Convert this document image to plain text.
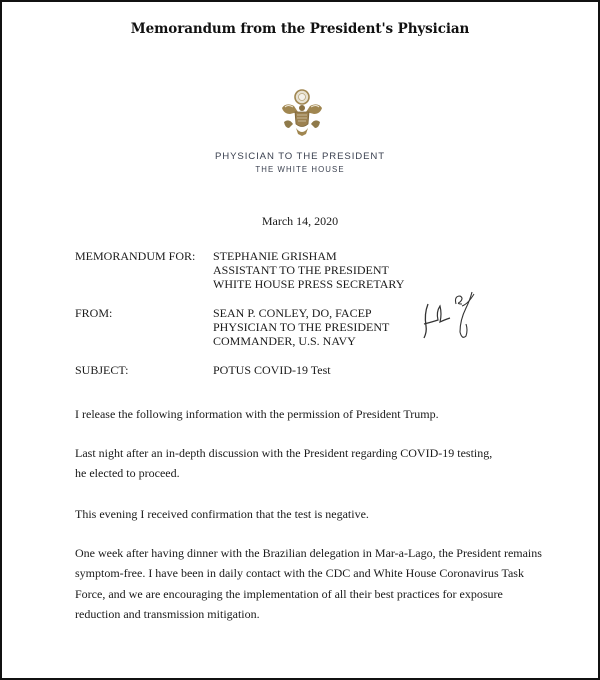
Memorandum from the President's Physician
PHYSICIAN TO THE PRESIDENT
THE WHITE HOUSE
March 14, 2020
MEMORANDUM FOR: STEPHANIE GRISHAM
ASSISTANT TO THE PRESIDENT
WHITE HOUSE PRESS SECRETARY
FROM:	SEAN P. CONLEY, DO, FACEP
PHYSICIAN TO THE PRESIDENT
COMMANDER, U.S. NAVY
SUBJECT:	POTUS COVID-19 Test
I release the following information with the permission of President Trump.
Last night after an in-depth discussion with the President regarding COVID-19 testing, he elected to proceed.
This evening I received confirmation that the test is negative.
One week after having dinner with the Brazilian delegation in Mar-a-Lago, the President remains symptom-free. I have been in daily contact with the CDC and White House Coronavirus Task Force, and we are encouraging the implementation of all their best practices for exposure reduction and transmission mitigation.
